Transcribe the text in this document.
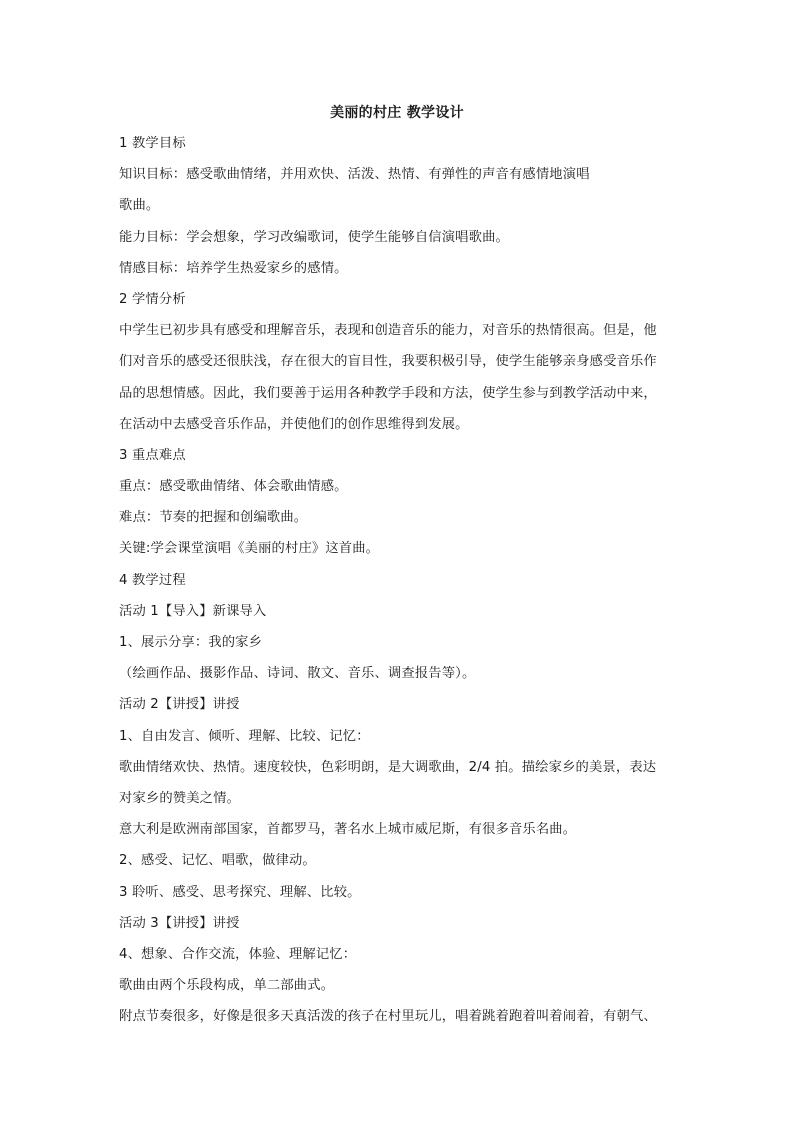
美丽的村庄 教学设计
1 教学目标
知识目标：感受歌曲情绪，并用欢快、活泼、热情、有弹性的声音有感情地演唱
歌曲。
能力目标：学会想象，学习改编歌词，使学生能够自信演唱歌曲。
情感目标：培养学生热爱家乡的感情。
2 学情分析
中学生已初步具有感受和理解音乐，表现和创造音乐的能力，对音乐的热情很高。但是，他
们对音乐的感受还很肤浅，存在很大的盲目性，我要积极引导，使学生能够亲身感受音乐作
品的思想情感。因此，我们要善于运用各种教学手段和方法，使学生参与到教学活动中来，
在活动中去感受音乐作品，并使他们的创作思维得到发展。
3 重点难点
重点：感受歌曲情绪、体会歌曲情感。
难点：节奏的把握和创编歌曲。
关键:学会课堂演唱《美丽的村庄》这首曲。
4 教学过程
活动 1【导入】新课导入
1、展示分享：我的家乡
（绘画作品、摄影作品、诗词、散文、音乐、调查报告等）。
活动 2【讲授】讲授
1、自由发言、倾听、理解、比较、记忆：
歌曲情绪欢快、热情。速度较快，色彩明朗，是大调歌曲，2/4 拍。描绘家乡的美景，表达
对家乡的赞美之情。
意大利是欧洲南部国家，首都罗马，著名水上城市威尼斯，有很多音乐名曲。
2、感受、记忆、唱歌，做律动。
3 聆听、感受、思考探究、理解、比较。
活动 3【讲授】讲授
4、想象、合作交流，体验、理解记忆：
歌曲由两个乐段构成，单二部曲式。
附点节奏很多，好像是很多天真活泼的孩子在村里玩儿，唱着跳着跑着叫着闹着，有朝气、
